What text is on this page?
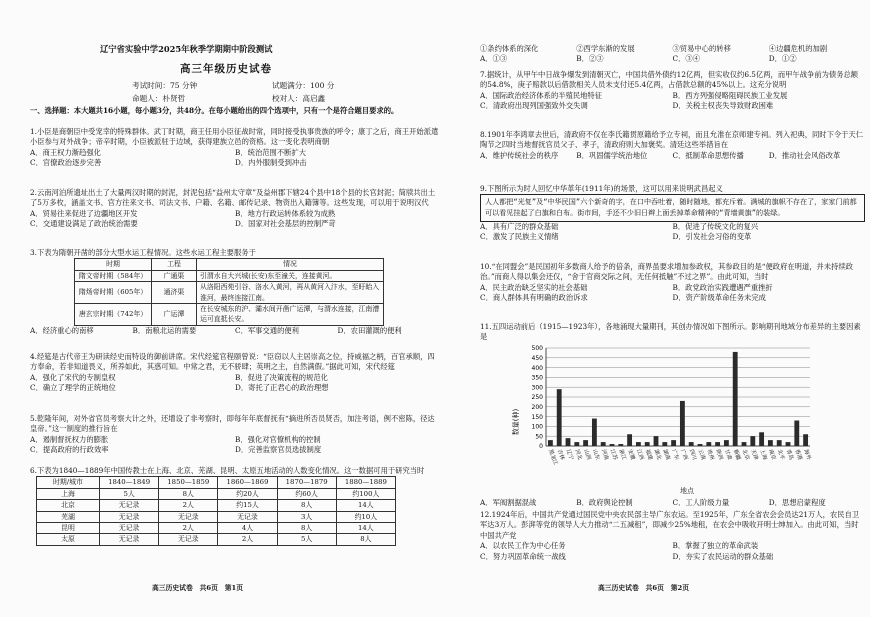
辽宁省实验中学2025年秋季学期期中阶段测试
高三年级历史试卷
考试时间：75 分钟	试题满分：100 分
命题人：朴贤哲	校对人：高启鑫

一、选择题：本大题共16小题，每小题3分，共48分。在每小题给出的四个选项中，只有一个是符合题目要求的。

1.小臣是商朝臣中受宠幸的特殊群体。武丁时期，商王任用小臣征战时常，同时接受执事贵族的呼令；康丁之后，商王开始派遣小臣参与对外战争；帝辛时期，小臣被派驻于边域，获得建族立邑的资格。这一变化表明商朝

A．商王权力渐趋强化	B．统治范围不断扩大
C．官僚政治逐步完善	D．内外服制受到冲击

2.云南河泊所遗址出土了大量两汉时期的封泥，封泥包括“益州太守章”及益州郡下辖24个县中18个县的长官封泥；简牍共出土了5万多枚，涵盖文书、官方往来文书、司法文书、户籍、名籍、邮传记录、物资出入籍簿等。这些发现，可以用于说明汉代

A．贸易往来促进了边疆地区开发	B．地方行政运转体系较为成熟
C．交通建设满足了政治统治需要	D．国家对社会基层的控制严苛

3.下表为隋朝开凿的部分大型水运工程情况。这些水运工程主要服务于

时期	工程	情况
隋文帝时期（584年）	广通渠	引渭水自大兴城(长安)东至潼关，连接黄河。
隋炀帝时期（605年）	通济渠	从洛阳西苑引谷、洛水入黄河，再从黄河入汴水，至盱眙入淮河，最终连接江南。
唐玄宗时期（742年）	广运潭	在长安城东的沪、灞水间开凿广运潭，与渭水连接，江南漕运可直抵长安。
A．经济重心的南移	B．南粮北运的需要	C．军事交通的便利	D．农田灌溉的便利

4.经筵是古代帝王为研读经史而特设的御前讲席。宋代经筵官程颐曾说：“臣窃以人主居崇高之位，持威福之柄，百官承顺，四方奉命，若非知道畏义，所养如此，其惑可知。中常之君，无不骄肆；英明之主，自然满假。”据此可知，宋代经筵

A．强化了宋代的专制皇权	B．促进了决策流程的规范化
C．确立了理学的正统地位	D．寄托了正君心的政治理想

5.乾隆年间，对外省官员考察大计之外，还增设了非考察时，即每年年底督抚有“摘进所否员贤否，加注考语，例不密陈，径达皇帝。”这一制度的推行旨在

A．遏制督抚权力的膨胀	B．强化对官僚机构的控制
C．提高政府的行政效率	D．完善监察官员选拔制度

6.下表为1840—1889年中国传教士在上海、北京、芜湖、昆明、太原五地活动的人数变化情况。这一数据可用于研究当时

时期/城市	1840—1849	1850—1859	1860—1869	1870—1879	1880—1889
上海	5人	8人	约20人	约60人	约100人
北京	无记录	2人	约15人	8人	14人
芜湖	无记录	无记录	无记录	3人	约10人
昆明	无记录	2人	4人	8人	14人
太原	无记录	无记录	2人	5人	8人
高三历史试卷　共6页　第1页
①条约体系的深化	②西学东渐的发展	③贸易中心的转移	④边疆危机的加剧
A．①③	B．②③	C．③④	D．①②

7.据统计，从甲午中日战争爆发到清朝灭亡，中国共借外债约12亿两，但实收仅约6.5亿两，而甲午战争前为债务总额的54.8%，庚子赔款以后借款相关人员未支付还5.4亿两，占借款总额的45%以上。这充分说明

A．国际政治经济体系的半殖民地特征	B．西方列强侵略阻碍民族工业发展
C．清政府出现列国强致外交失调	D．关税主权丧失导致财政困难

8.1901年李鸿章去世后，清政府不仅在李氏籍贯原籍给予立专祠，而且允准在京师建专祠。列入祀典，同时下令于天仁陶节之四时当地督抚官员父子、孝子，清政府则大加褒奖。清廷这些举措旨在

A．维护传统社会的秩序	B．巩固儒学统治地位	C．抵制革命思想传播	D．推动社会风俗改革

9.下图所示为时人回忆中华革年(1911年)的场景，这可以用来说明武昌起义

人人都把“光复”及“中华民国”六个新奇的字，在口中吞吐着，随时随地，都充斥着。满城的旗帜不存在了，家家门前都可以看见挂起了白旗和白布。街市间，手还不少旧日辫上面丢掉革命精神的“青墙黄旗”的装绿。
A．具有广泛的群众基础	B．促进了传统文化的复兴
C．激发了民族主义情绪	D．引发社会习俗的变革

10.“在同盟会”是民国初年多数商人给予的倍条，商界虽要求增加参政权，其参政目的是“便政府在明道，并未持续政治。”而商人得以集会还仅，“舍于官商交际之间，无任何抵触”不过之界”。由此可知，当时

A．民主政治缺乏坚实的社会基础	B．政党政治实践遭遇严重挫折
C．商人群体具有明确的政治诉求	D．资产阶级革命任务未完成

11.五四运动前后（1915—1923年），各地涌现大量期刊，其创办情况如下图所示。影响期刊地域分布差异的主要因素是

0
50
100
150
200
250
300
350
400
450
500
黑龙江
吉林 辽宁 河北 山西 山东 河南 江苏 浙江 安徽 江西 福建 湖北 湖南 广东 广西 四川 云南 贵州 陕西 甘肃 新疆 北京 天津 上海 南京 北平 青岛 香港 海外
数量(种)
地点
A．军阀割据混战	B．政府舆论控制	C．工人阶级力量	D．思想启蒙程度

12.1924年后，中国共产党通过国民党中央农民部主导广东农运。至1925年，广东全省农会会员达21万人，农民自卫军达3万人。彭湃等党的领导人大力推动“二五减租”，即减少25%地租，在农会中吸收开明士绅加入。由此可知，当时中国共产党

A．以农民工作为中心任务	B．掌握了独立的革命武装
C．努力巩固革命统一战线	D．夯实了农民运动的群众基础
高三历史试卷　共6页　第2页
